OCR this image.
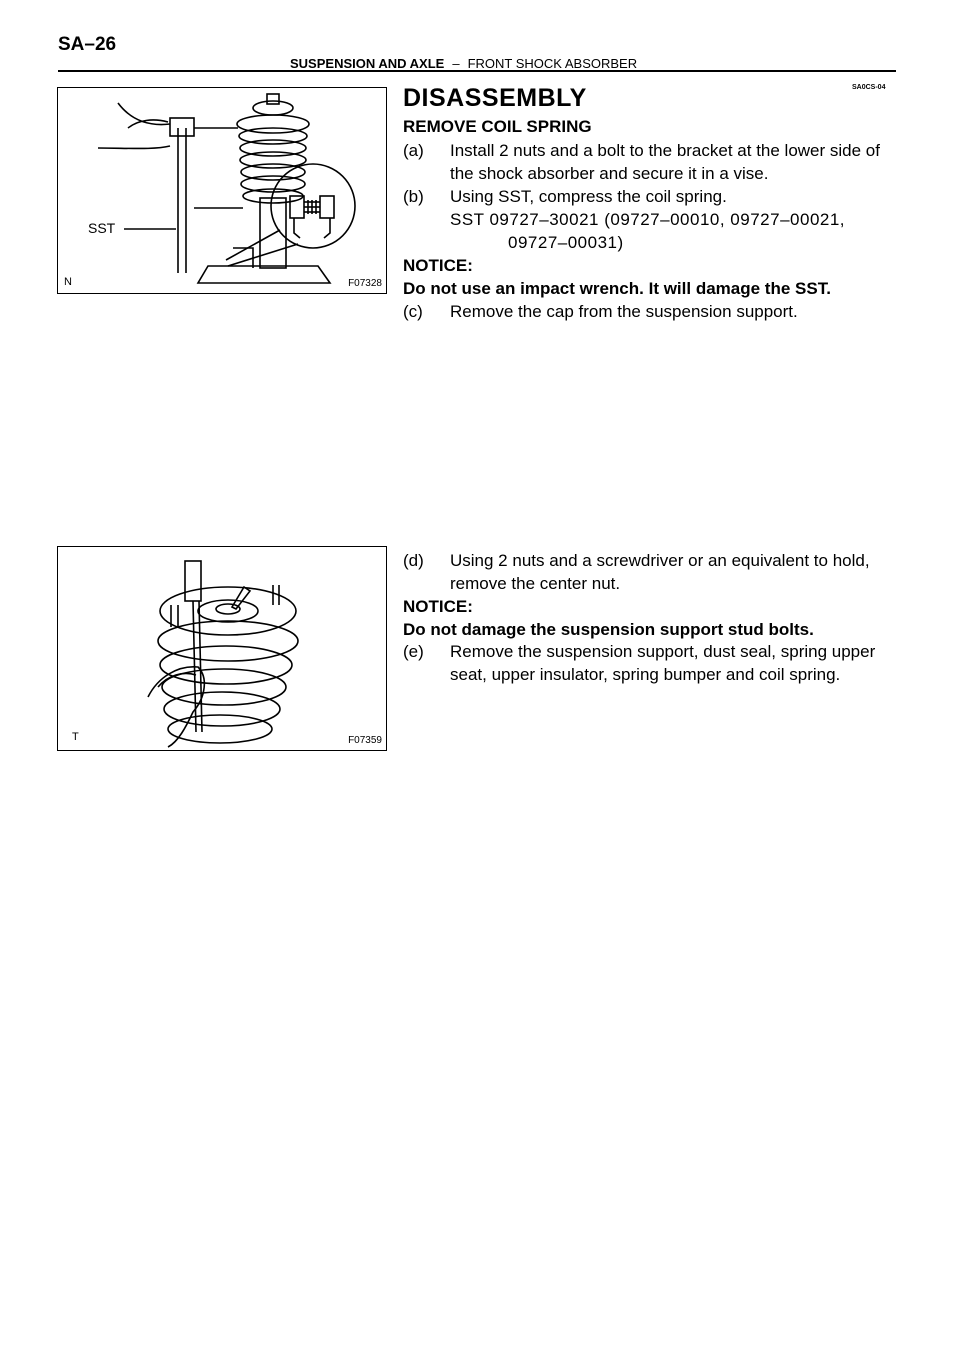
SA–26
SUSPENSION AND AXLE – FRONT SHOCK ABSORBER
SA0CS-04
SST
N	F07328
T	F07359
DISASSEMBLY
REMOVE COIL SPRING
(a) Install 2 nuts and a bolt to the bracket at the lower side of the shock absorber and secure it in a vise.
(b) Using SST, compress the coil spring.
SST 09727–30021 (09727–00010, 09727–00021,
09727–00031)
NOTICE:
Do not use an impact wrench. It will damage the SST.
(c) Remove the cap from the suspension support.
(d) Using 2 nuts and a screwdriver or an equivalent to hold, remove the center nut.
NOTICE:
Do not damage the suspension support stud bolts.
(e) Remove the suspension support, dust seal, spring upper seat, upper insulator, spring bumper and coil spring.
